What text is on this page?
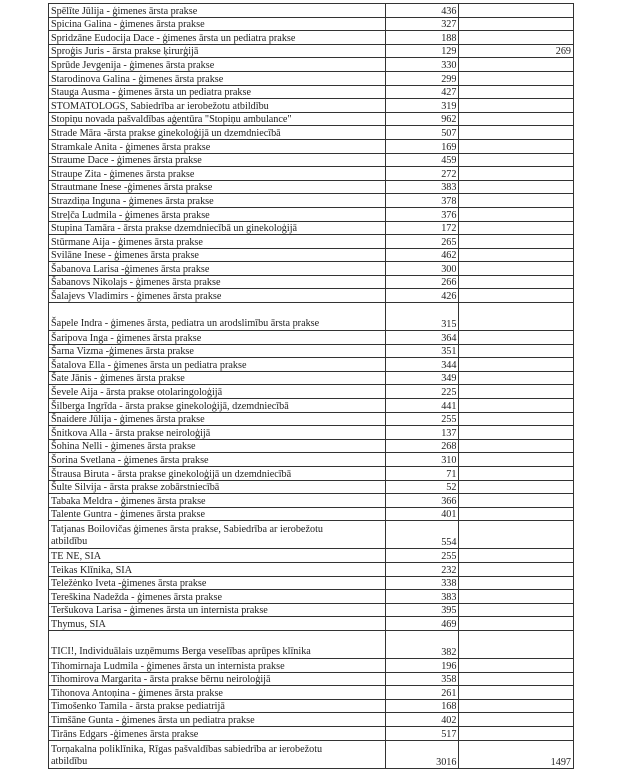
Spēlīte Jūlija - ģimenes ārsta prakse	436	
Spicina Galina - ģimenes ārsta prakse	327	
Spridzāne Eudocija Dace - ģimenes ārsta un pediatra prakse	188	
Sproģis Juris - ārsta prakse ķirurģijā	129	269
Sprūde Jevgenija - ģimenes ārsta prakse	330	
Starodinova Galina - ģimenes ārsta prakse	299	
Stauga Ausma - ģimenes ārsta un pediatra prakse	427	
STOMATOLOGS, Sabiedrība ar ierobežotu atbildību	319	
Stopiņu novada pašvaldības aģentūra "Stopiņu ambulance"	962	
Strade Māra -ārsta prakse ginekoloģijā un dzemdniecībā	507	
Stramkale Anita - ģimenes ārsta prakse	169	
Straume Dace - ģimenes ārsta prakse	459	
Straupe Zita - ģimenes ārsta prakse	272	
Strautmane Inese -ģimenes ārsta prakse	383	
Strazdiņa Inguna - ģimenes ārsta prakse	378	
Streļča Ludmila - ģimenes ārsta prakse	376	
Stupina Tamāra - ārsta prakse dzemdniecībā un ginekoloģijā	172	
Stūrmane Aija - ģimenes ārsta prakse	265	
Svilāne Inese - ģimenes ārsta prakse	462	
Šabanova Larisa -ģimenes ārsta prakse	300	
Šabanovs Nikolajs - ģimenes ārsta prakse	266	
Šalajevs Vladimirs - ģimenes ārsta prakse	426	
Šapele Indra - ģimenes ārsta, pediatra un arodslimību ārsta prakse	315	
Šaripova Inga - ģimenes ārsta prakse	364	
Šarna Vizma -ģimenes ārsta prakse	351	
Šatalova Ella - ģimenes ārsta un pediatra prakse	344	
Šate Jānis - ģimenes ārsta prakse	349	
Ševele Aija - ārsta prakse otolaringoloģijā	225	
Šilberga Ingrīda - ārsta prakse ginekoloģijā, dzemdniecībā	441	
Šnaidere Jūlija - ģimenes ārsta prakse	255	
Šnitkova Alla - ārsta prakse neiroloģijā	137	
Šohina Nelli - ģimenes ārsta prakse	268	
Šorina Svetlana - ģimenes ārsta prakse	310	
Štrausa Biruta - ārsta prakse ginekoloģijā un dzemdniecībā	71	
Šulte Silvija - ārsta prakse zobārstniecībā	52	
Tabaka Meldra - ģimenes ārsta prakse	366	
Talente Guntra - ģimenes ārsta prakse	401	

Tatjanas Boilovičas ģimenes ārsta prakse, Sabiedrība ar ierobežotu
atbildību	554	
TE NE, SIA	255	
Teikas Klīnika, SIA	232	
Teležėnko Iveta -ģimenes ārsta prakse	338	
Tereškina Nadežda - ģimenes ārsta prakse	383	
Teršukova Larisa - ģimenes ārsta un internista prakse	395	
Thymus, SIA	469	
TICI!, Individuālais uzņēmums Berga veselības aprūpes klīnika	382	
Tihomirnaja Ludmila - ģimenes ārsta un internista prakse	196	
Tihomirova Margarita - ārsta prakse bērnu neiroloģijā	358	
Tihonova Antoņina - ģimenes ārsta prakse	261	
Timošenko Tamila - ārsta prakse pediatrijā	168	
Timšāne Gunta - ģimenes ārsta un pediatra prakse	402	
Tirāns Edgars -ģimenes ārsta prakse	517	

Torņakalna poliklīnika, Rīgas pašvaldības sabiedrība ar ierobežotu
atbildību	3016	1497
